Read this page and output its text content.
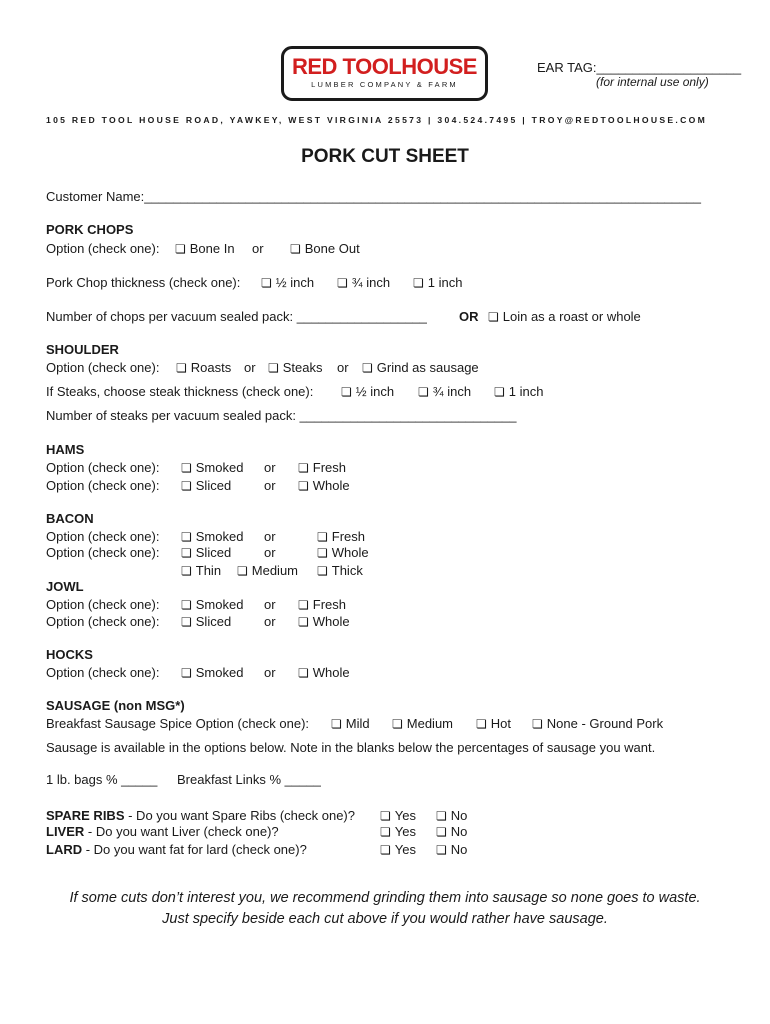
RED TOOLHOUSE
LUMBER COMPANY & FARM
EAR TAG:____________________
(for internal use only)
105 RED TOOL HOUSE ROAD, YAWKEY, WEST VIRGINIA 25573 | 304.524.7495 | TROY@REDTOOLHOUSE.COM
PORK CUT SHEET
Customer Name:_____________________________________________________________________________
PORK CHOPS
Option (check one):	❏ Bone In or	❏ Bone Out
Pork Chop thickness (check one):	❏ ½ inch	❏ ¾ inch	❏ 1 inch
Number of chops per vacuum sealed pack: __________________ OR	❏ Loin as a roast or whole
SHOULDER
Option (check one):	❏ Roasts or	❏ Steaks or	❏ Grind as sausage
If Steaks, choose steak thickness (check one):	❏ ½ inch	❏ ¾ inch	❏ 1 inch
Number of steaks per vacuum sealed pack: ______________________________
HAMS
Option (check one):	❏ Smoked or	❏ Fresh
Option (check one):	❏ Sliced	or	❏ Whole
BACON
Option (check one):	❏ Smoked or	❏ Fresh
Option (check one):	❏ Sliced	or	❏ Whole
❏ Thin	❏ Medium	❏ Thick
JOWL
Option (check one):	❏ Smoked or	❏ Fresh
Option (check one):	❏ Sliced	or	❏ Whole
HOCKS
Option (check one):	❏ Smoked or	❏ Whole
SAUSAGE (non MSG*)
Breakfast Sausage Spice Option (check one):	❏ Mild	❏ Medium	❏ Hot	❏ None - Ground Pork
Sausage is available in the options below. Note in the blanks below the percentages of sausage you want.
1 lb. bags % _____ Breakfast Links % _____
SPARE RIBS - Do you want Spare Ribs (check one)?	❏ Yes	❏ No
LIVER - Do you want Liver (check one)?	❏ Yes	❏ No
LARD - Do you want fat for lard (check one)?	❏ Yes	❏ No
If some cuts don’t interest you, we recommend grinding them into sausage so none goes to waste.
Just specify beside each cut above if you would rather have sausage.
